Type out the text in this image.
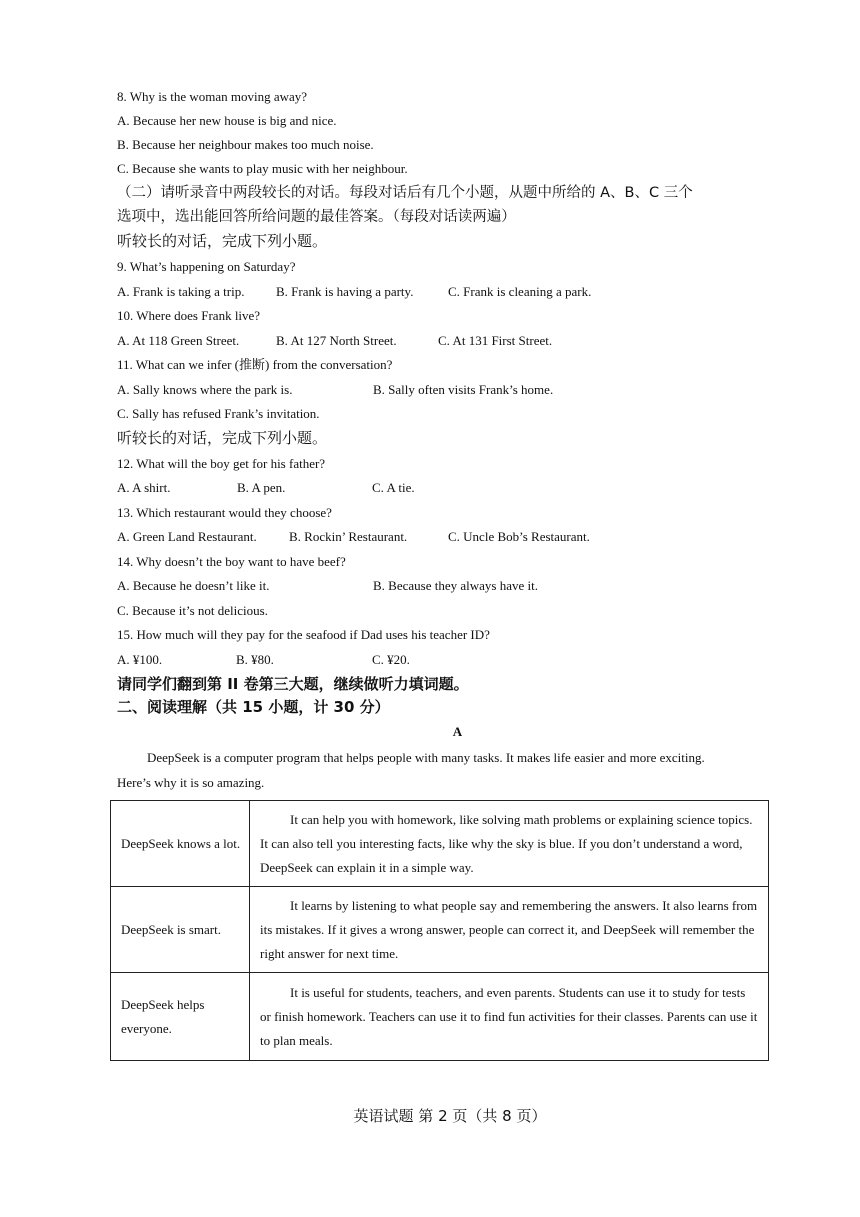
8. Why is the woman moving away?
A. Because her new house is big and nice.
B. Because her neighbour makes too much noise.
C. Because she wants to play music with her neighbour.
（二）请听录音中两段较长的对话。每段对话后有几个小题，从题中所给的 A、B、C 三个
选项中，选出能回答所给问题的最佳答案。（每段对话读两遍）
听较长的对话，完成下列小题。
9. What’s happening on Saturday?
A. Frank is taking a trip. B. Frank is having a party.	C. Frank is cleaning a park.
10. Where does Frank live?
A. At 118 Green Street.	B. At 127 North Street.	C. At 131 First Street.
11. What can we infer (推断) from the conversation?
A. Sally knows where the park is.	B. Sally often visits Frank’s home.
C. Sally has refused Frank’s invitation.
听较长的对话，完成下列小题。
12. What will the boy get for his father?
A. A shirt.	B. A pen.	C. A tie.
13. Which restaurant would they choose?
A. Green Land Restaurant. B. Rockin’ Restaurant.	C. Uncle Bob’s Restaurant.
14. Why doesn’t the boy want to have beef?
A. Because he doesn’t like it.	B. Because they always have it.
C. Because it’s not delicious.
15. How much will they pay for the seafood if Dad uses his teacher ID?
A. ¥100.	B. ¥80.	C. ¥20.
请同学们翻到第 II 卷第三大题，继续做听力填词题。
二、阅读理解（共 15 小题，计 30 分）
A
DeepSeek is a computer program that helps people with many tasks. It makes life easier and more exciting.
Here’s why it is so amazing.
DeepSeek knows a lot.	It can help you with homework, like solving math problems or explaining science topics. It can also tell you interesting facts, like why the sky is blue. If you don’t understand a word, DeepSeek can explain it in a simple way.
DeepSeek is smart.	It learns by listening to what people say and remembering the answers. It also learns from its mistakes. If it gives a wrong answer, people can correct it, and DeepSeek will remember the right answer for next time.
DeepSeek helps everyone.	It is useful for students, teachers, and even parents. Students can use it to study for tests or finish homework. Teachers can use it to find fun activities for their classes. Parents can use it to plan meals.
英语试题 第 2 页（共 8 页）
